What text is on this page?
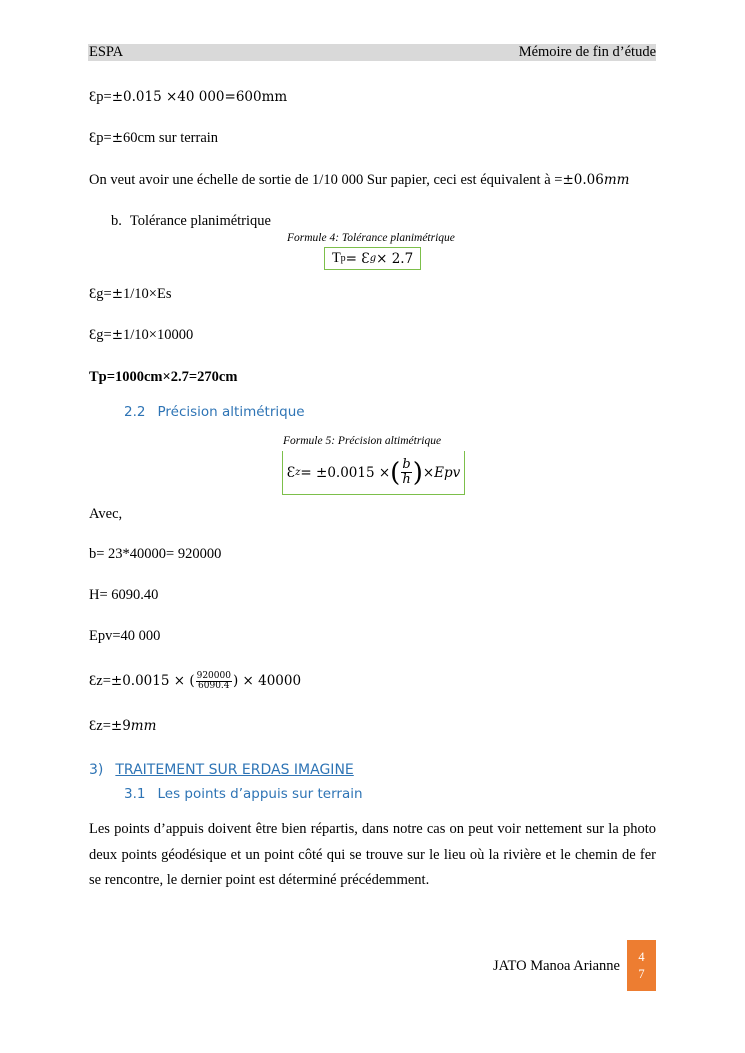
ESPA	Mémoire de fin d’étude
Ɛp=±0.015 ×40 000=600mm
Ɛp=±60cm sur terrain
On veut avoir une échelle de sortie de 1/10 000 Sur papier, ceci est équivalent à =±0.06mm
b. Tolérance planimétrique
Formule 4: Tolérance planimétrique
T p = Ɛ g × 2.7
Ɛg=±1/10×Es
Ɛg=±1/10×10000
Tp=1000cm×2.7=270cm
2.2 Précision altimétrique
Formule 5: Précision altimétrique
Ɛ z = ±0.0015 × ( $\frac{b}{h}$ ) × Epv
Avec,
b= 23*40000= 920000
H= 6090.40
Epv=40 000
Ɛz=±0.0015 × ( $\frac{920000}{6090.4}$ ) × 40000
Ɛz=±9mm
3) TRAITEMENT SUR ERDAS IMAGINE
3.1 Les points d’appuis sur terrain
Les points d’appuis doivent être bien répartis, dans notre cas on peut voir nettement sur la photo deux points géodésique et un point côté qui se trouve sur le lieu où la rivière et le chemin de fer se rencontre, le dernier point est déterminé précédemment.
JATO Manoa Arianne
4
7
